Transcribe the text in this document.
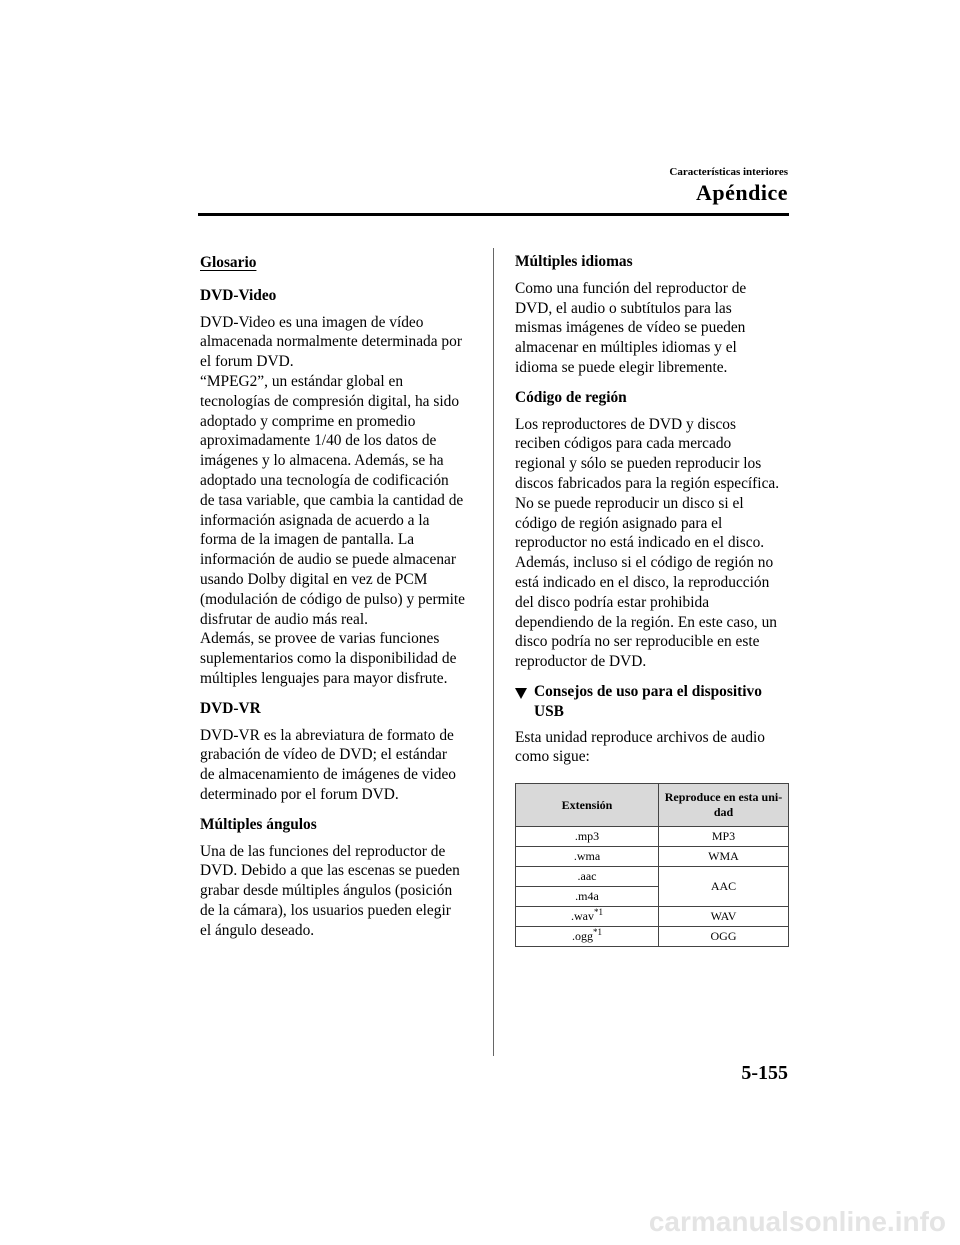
Características interiores
Apéndice
Glosario
DVD-Video

DVD-Video es una imagen de vídeo
almacenada normalmente determinada por
el forum DVD.
“MPEG2”, un estándar global en
tecnologías de compresión digital, ha sido
adoptado y comprime en promedio
aproximadamente 1/40 de los datos de
imágenes y lo almacena. Además, se ha
adoptado una tecnología de codificación
de tasa variable, que cambia la cantidad de
información asignada de acuerdo a la
forma de la imagen de pantalla. La
información de audio se puede almacenar
usando Dolby digital en vez de PCM
(modulación de código de pulso) y permite
disfrutar de audio más real.
Además, se provee de varias funciones
suplementarios como la disponibilidad de
múltiples lenguajes para mayor disfrute.

DVD-VR

DVD-VR es la abreviatura de formato de
grabación de vídeo de DVD; el estándar
de almacenamiento de imágenes de video
determinado por el forum DVD.

Múltiples ángulos

Una de las funciones del reproductor de
DVD. Debido a que las escenas se pueden
grabar desde múltiples ángulos (posición
de la cámara), los usuarios pueden elegir
el ángulo deseado.

Múltiples idiomas

Como una función del reproductor de
DVD, el audio o subtítulos para las
mismas imágenes de vídeo se pueden
almacenar en múltiples idiomas y el
idioma se puede elegir libremente.

Código de región

Los reproductores de DVD y discos
reciben códigos para cada mercado
regional y sólo se pueden reproducir los
discos fabricados para la región específica.
No se puede reproducir un disco si el
código de región asignado para el
reproductor no está indicado en el disco.
Además, incluso si el código de región no
está indicado en el disco, la reproducción
del disco podría estar prohibida
dependiendo de la región. En este caso, un
disco podría no ser reproducible en este
reproductor de DVD.

Consejos de uso para el dispositivo
USB

Esta unidad reproduce archivos de audio
como sigue:

Extensión	Reproduce en esta uni-
dad
.mp3	MP3
.wma	WMA
.aac	AAC
.m4a	
.wav$^{*1}$	WAV
.ogg$^{*1}$	OGG
5-155
carmanualsonline.info
